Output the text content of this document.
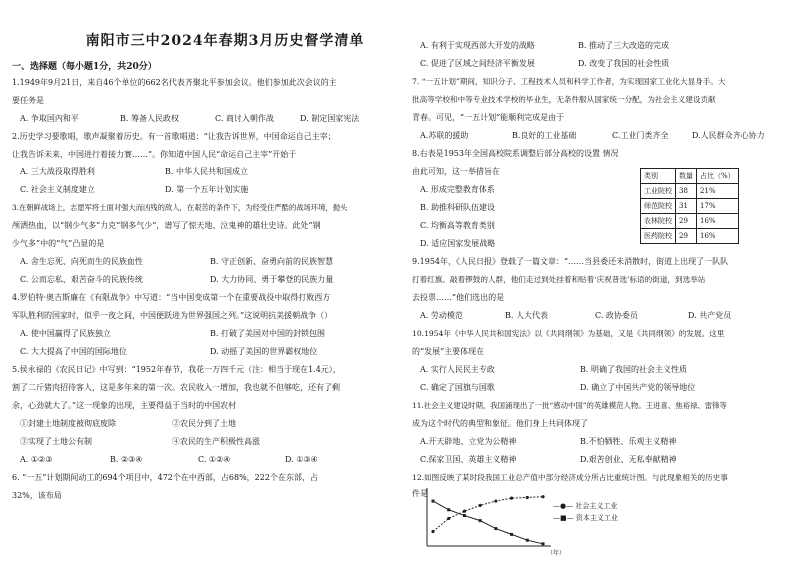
南阳市三中2024年春期3月历史督学清单
一、选择题（每小题1分，共20分）
1.1949年9月21日，来自46个单位的662名代表齐聚北平参加会议。他们参加此次会议的主
要任务是
A. 争取国内和平	B. 筹备人民政权	C. 商讨入朝作战	D. 制定国家宪法
2.历史学习要歌唱，歌声凝聚着历史。有一首歌唱道：“让我告诉世界，中国命运自己主宰；
让我告诉未来，中国进行着接力赛……”。你知道中国人民“命运自己主宰”开始于
A. 三大战役取得胜利	B. 中华人民共和国成立
C. 社会主义制度建立	D. 第一个五年计划实施
3.在朝鲜战场上，志愿军将士面对强大而凶残的敌人，在艰苦的条件下，为经受住严酷的战场环境，抛头
颅洒热血，以“钢少气多”力克“钢多气少”，谱写了惊天地、泣鬼神的雄壮史诗。此处“钢
少气多”中的“气”凸显的是
A. 舍生忘死、向死而生的民族血性	B. 守正创新、奋勇向前的民族智慧
C. 公而忘私、艰苦奋斗的民族传统	D. 大力协同、勇于攀登的民族力量
4.罗伯特·奥吉斯廉在《有限战争》中写道：“当中国变成第一个在重要战役中取得打败西方
军队胜利的国家时，似乎一夜之间，中国便跃进为世界强国之列。”这说明抗美援朝战争（）
A. 使中国赢得了民族独立	B. 打破了美国对中国的封锁包围
C. 大大提高了中国的国际地位	D. 动摇了美国的世界霸权地位
5.侯永禄的《农民日记》中写到：“1952年春节，我花一万四千元（注：相当于现在1.4元），
割了二斤猪肉招待客人，这是多年来的第一次。农民收入一增加，我也就不但够吃，还有了剩
余，心劲就大了。”这一现象的出现，主要得益于当时的中国农村
①封建土地制度被彻底废除	②农民分到了土地
③实现了土地公有制	④农民的生产积极性高涨
A. ①②③	B. ②③④	C. ①②④	D. ①③④
6. “一五”计划期间动工的694个项目中，472个在中西部，占68%，222个在东部，占
32%，该布局
A. 有利于实现西部大开发的战略	B. 推动了三大改造的完成
C. 促进了区域之间经济平衡发展	D. 改变了我国的社会性质
7. “一五计划”期间，知识分子、工程技术人员和科学工作者，为实现国家工业化大显身手。大
批高等学校和中等专业技术学校的毕业生，无条件服从国家统一分配，为社会主义建设贡献
青春。可见，“一五计划”能顺利完成是由于
A.苏联的援助	B.良好的工业基础	C.工业门类齐全	D.人民群众齐心协力
8.右表是1953年全国高校院系调整后部分高校的设置 情况
由此可知，这一举措旨在
A. 形成完整教育体系
B. 助推科研队伍建设
C. 均衡高等教育类别
D. 适应国家发展战略
类别	数量	占比（%）
工业院校	38	21%
师范院校	31	17%
农林院校	29	16%
医药院校	29	16%
9.1954年，《人民日报》登载了一篇文章：“……当县委还未消散时，街道上出现了一队队
打着红旗、敲着锣鼓的人群，他们走过到处挂着和贴着‘庆祝普选’标语的街道，到选举站
去投票……”他们选出的是
A. 劳动模范	B. 人大代表	C. 政协委员	D. 共产党员
10.1954年《中华人民共和国宪法》以《共同纲领》为基础，又是《共同纲领》的发展。这里
的“发展”主要体现在
A. 实行人民民主专政	B. 明确了我国的社会主义性质
C. 确定了国旗与国歌	D. 确立了中国共产党的领导地位
11.社会主义建设时期，我国涌现出了一批“感动中国”的英雄模范人物。王进喜、焦裕禄、雷锋等
成为这个时代的典型和象征。他们身上共同体现了
A.开天辟地、立党为公精神	B.不怕牺牲、乐观主义精神
C.保家卫国、英雄主义精神	D.艰苦创业、无私奉献精神
12.如图反映了某时段我国工业总产值中部分经济成分所占比重统计图。与此现象相关的历史事
件是
（年）
—●— 社会主义工业
—■— 资本主义工业
